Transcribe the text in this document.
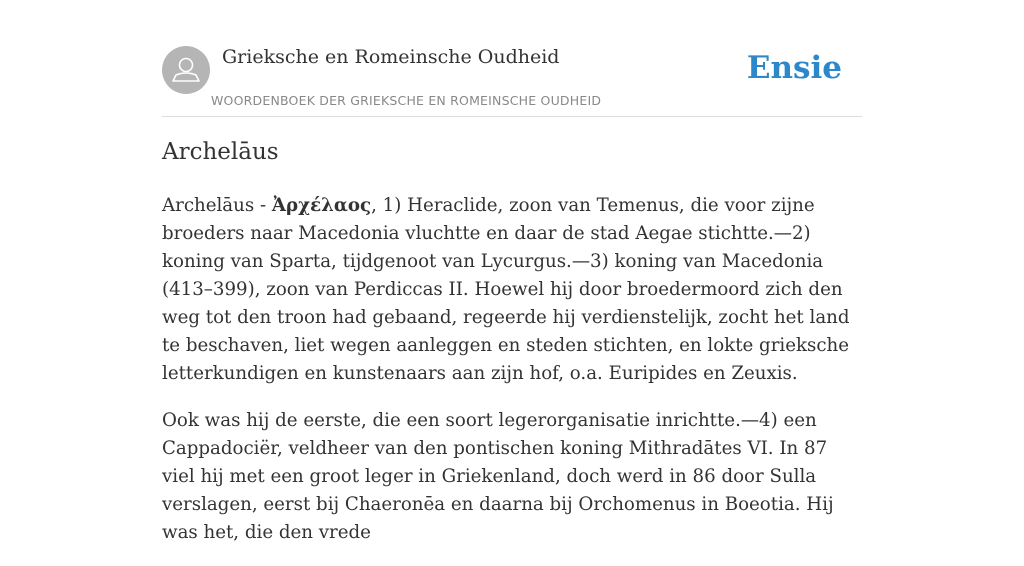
Grieksche en Romeinsche Oudheid
WOORDENBOEK DER GRIEKSCHE EN ROMEINSCHE OUDHEID
Ensie
Archelāus

Archelāus - Ἀρχέλαος, 1) Heraclide, zoon van Temenus, die voor zijne broeders naar Macedonia vluchtte en daar de stad Aegae stichtte.—2) koning van Sparta, tijdgenoot van Lycurgus.—3) koning van Macedonia (413–399), zoon van Perdiccas II. Hoewel hij door broedermoord zich den weg tot den troon had gebaand, regeerde hij verdienstelijk, zocht het land te beschaven, liet wegen aanleggen en steden stichten, en lokte grieksche letterkundigen en kunstenaars aan zijn hof, o.a. Euripides en Zeuxis.

Ook was hij de eerste, die een soort legerorganisatie inrichtte.—4) een Cappadociër, veldheer van den pontischen koning Mithradātes VI. In 87 viel hij met een groot leger in Griekenland, doch werd in 86 door Sulla verslagen, eerst bij Chaeronēa en daarna bij Orchomenus in Boeotia. Hij was het, die den vrede
